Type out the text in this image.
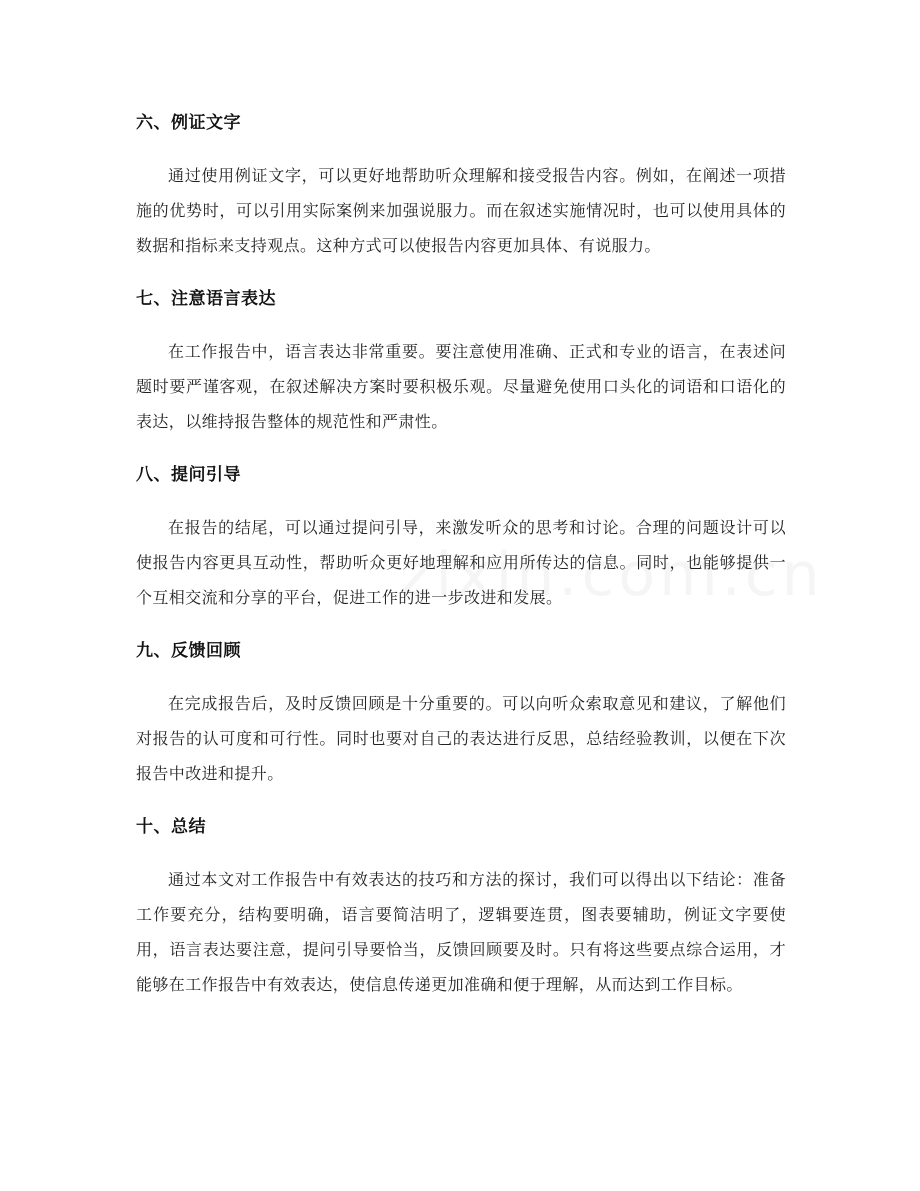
六、例证文字

通过使用例证文字，可以更好地帮助听众理解和接受报告内容。例如，在阐述一项措施的优势时，可以引用实际案例来加强说服力。而在叙述实施情况时，也可以使用具体的数据和指标来支持观点。这种方式可以使报告内容更加具体、有说服力。

七、注意语言表达

在工作报告中，语言表达非常重要。要注意使用准确、正式和专业的语言，在表述问题时要严谨客观，在叙述解决方案时要积极乐观。尽量避免使用口头化的词语和口语化的表达，以维持报告整体的规范性和严肃性。

八、提问引导

在报告的结尾，可以通过提问引导，来激发听众的思考和讨论。合理的问题设计可以使报告内容更具互动性，帮助听众更好地理解和应用所传达的信息。同时，也能够提供一个互相交流和分享的平台，促进工作的进一步改进和发展。

九、反馈回顾

在完成报告后，及时反馈回顾是十分重要的。可以向听众索取意见和建议，了解他们对报告的认可度和可行性。同时也要对自己的表达进行反思，总结经验教训，以便在下次报告中改进和提升。

十、总结

通过本文对工作报告中有效表达的技巧和方法的探讨，我们可以得出以下结论：准备工作要充分，结构要明确，语言要简洁明了，逻辑要连贯，图表要辅助，例证文字要使用，语言表达要注意，提问引导要恰当，反馈回顾要及时。只有将这些要点综合运用，才能够在工作报告中有效表达，使信息传递更加准确和便于理解，从而达到工作目标。
